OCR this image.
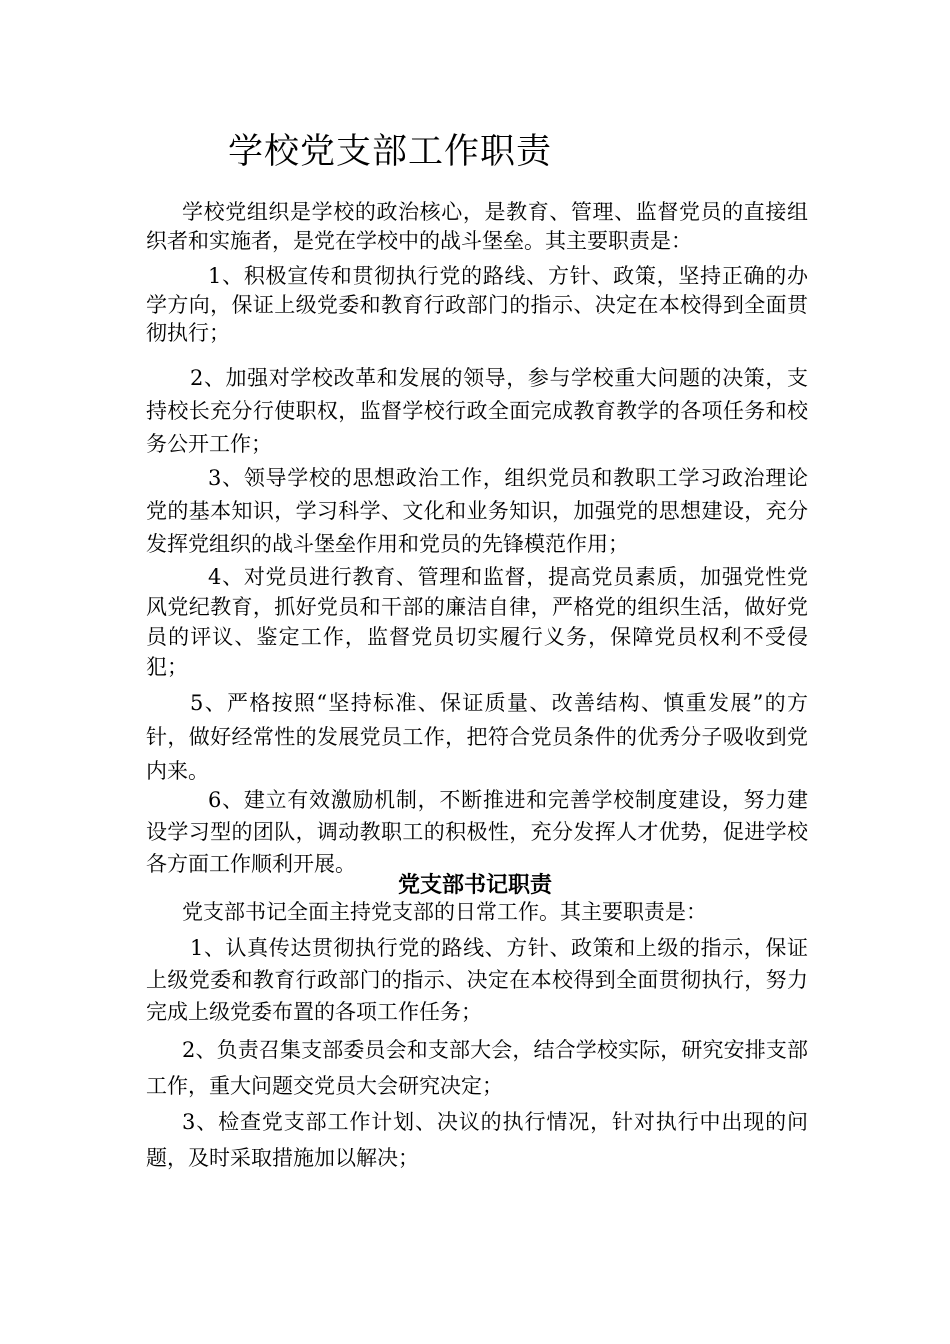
学校党支部工作职责
学校党组织是学校的政治核心，是教育、管理、监督党员的直接组织者和实施者，是党在学校中的战斗堡垒。其主要职责是：
1、积极宣传和贯彻执行党的路线、方针、政策，坚持正确的办学方向，保证上级党委和教育行政部门的指示、决定在本校得到全面贯彻执行；
2、加强对学校改革和发展的领导，参与学校重大问题的决策，支持校长充分行使职权，监督学校行政全面完成教育教学的各项任务和校务公开工作；
3、领导学校的思想政治工作，组织党员和教职工学习政治理论党的基本知识，学习科学、文化和业务知识，加强党的思想建设，充分发挥党组织的战斗堡垒作用和党员的先锋模范作用；
4、对党员进行教育、管理和监督，提高党员素质，加强党性党风党纪教育，抓好党员和干部的廉洁自律，严格党的组织生活，做好党员的评议、鉴定工作，监督党员切实履行义务，保障党员权利不受侵犯；
5、严格按照“坚持标准、保证质量、改善结构、慎重发展”的方针，做好经常性的发展党员工作，把符合党员条件的优秀分子吸收到党内来。
6、建立有效激励机制，不断推进和完善学校制度建设，努力建设学习型的团队，调动教职工的积极性，充分发挥人才优势，促进学校各方面工作顺利开展。
党支部书记职责
党支部书记全面主持党支部的日常工作。其主要职责是：
1、认真传达贯彻执行党的路线、方针、政策和上级的指示，保证上级党委和教育行政部门的指示、决定在本校得到全面贯彻执行，努力完成上级党委布置的各项工作任务；
2、负责召集支部委员会和支部大会，结合学校实际，研究安排支部工作，重大问题交党员大会研究决定；
3、检查党支部工作计划、决议的执行情况，针对执行中出现的问题，及时采取措施加以解决；
